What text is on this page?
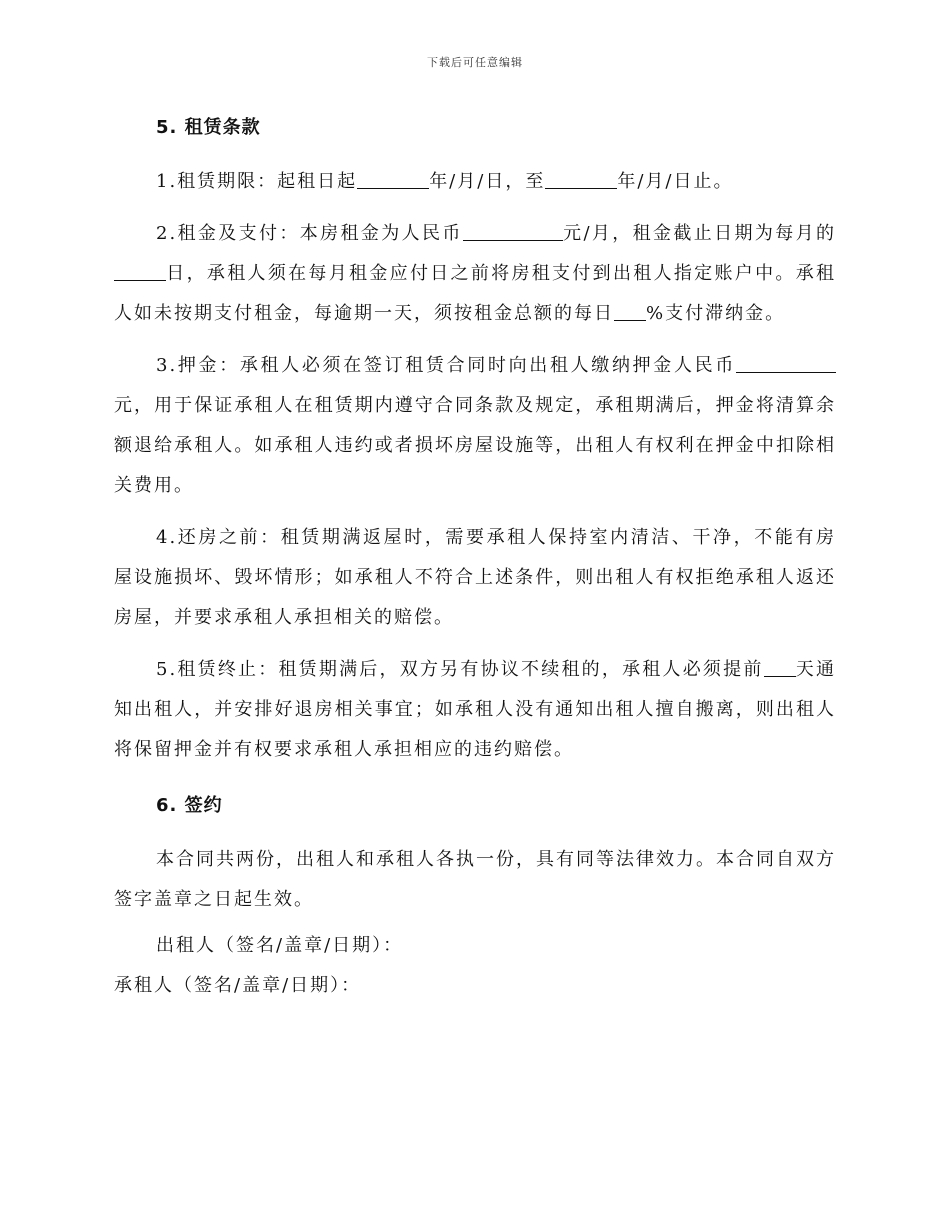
下载后可任意编辑
5. 租赁条款

1.租赁期限：起租日起	年/月/日，至	年/月/日止。

2.租金及支付：本房租金为人民币	元/月，租金截止日期为每月的日，承租人须在每月租金应付日之前将房租支付到出租人指定账户中。承租人如未按期支付租金，每逾期一天，须按租金总额的每日 %支付滞纳金。

3.押金：承租人必须在签订租赁合同时向出租人缴纳押金人民币元，用于保证承租人在租赁期内遵守合同条款及规定，承租期满后，押金将清算余额退给承租人。如承租人违约或者损坏房屋设施等，出租人有权利在押金中扣除相关费用。

4.还房之前：租赁期满返屋时，需要承租人保持室内清洁、干净，不能有房屋设施损坏、毁坏情形；如承租人不符合上述条件，则出租人有权拒绝承租人返还房屋，并要求承租人承担相关的赔偿。

5.租赁终止：租赁期满后，双方另有协议不续租的，承租人必须提前 天通知出租人，并安排好退房相关事宜；如承租人没有通知出租人擅自搬离，则出租人将保留押金并有权要求承租人承担相应的违约赔偿。

6. 签约

本合同共两份，出租人和承租人各执一份，具有同等法律效力。本合同自双方签字盖章之日起生效。

出租人（签名/盖章/日期）：
承租人（签名/盖章/日期）：
